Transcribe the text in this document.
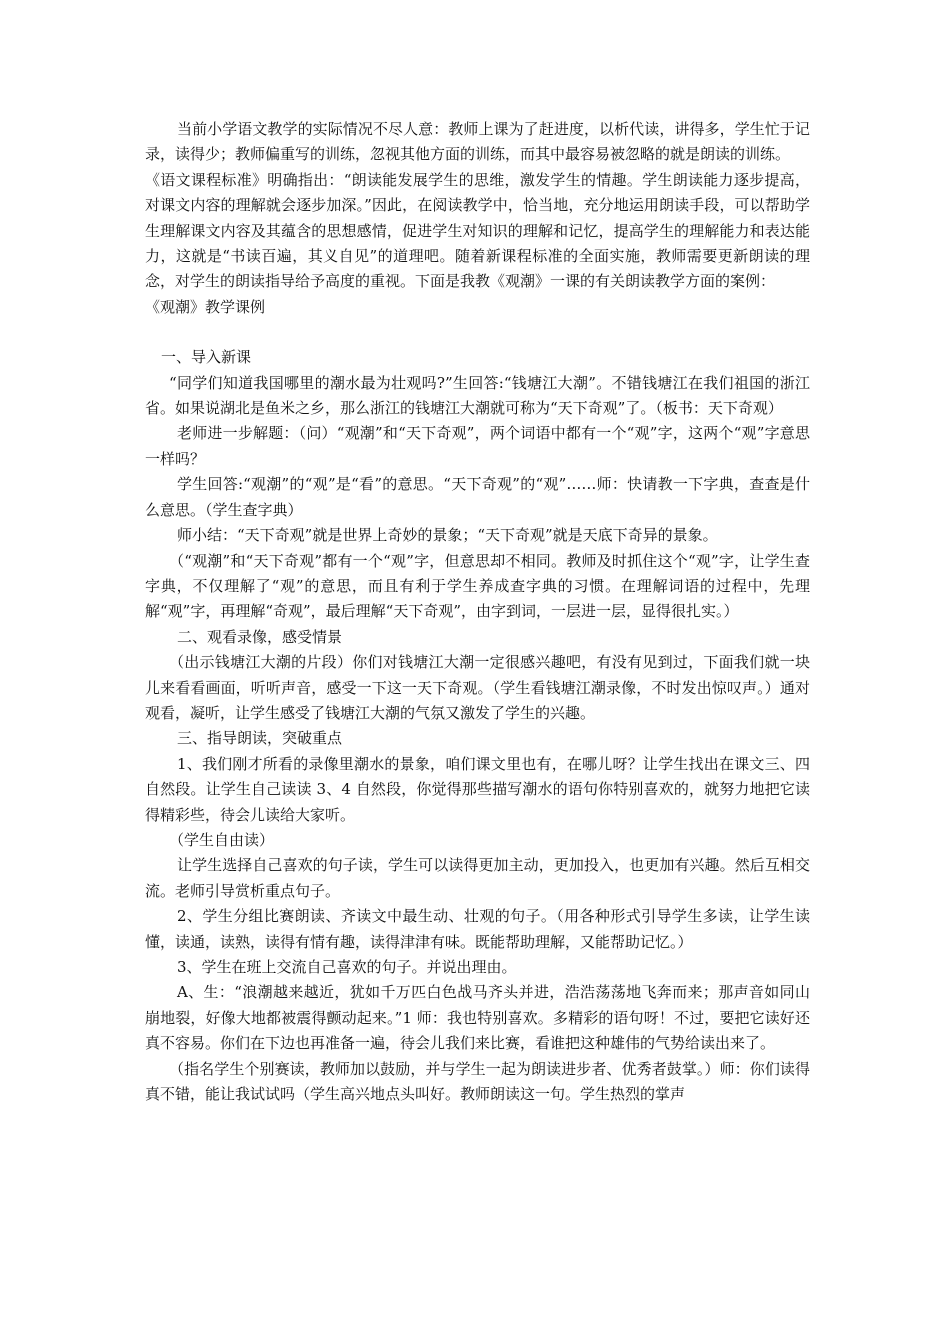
当前小学语文教学的实际情况不尽人意：教师上课为了赶进度，以析代读，讲得多，学生忙于记录，读得少；教师偏重写的训练，忽视其他方面的训练，而其中最容易被忽略的就是朗读的训练。

《语文课程标准》明确指出：“朗读能发展学生的思维，激发学生的情趣。学生朗读能力逐步提高，对课文内容的理解就会逐步加深。”因此，在阅读教学中，恰当地，充分地运用朗读手段，可以帮助学生理解课文内容及其蕴含的思想感情，促进学生对知识的理解和记忆，提高学生的理解能力和表达能力，这就是“书读百遍，其义自见”的道理吧。随着新课程标准的全面实施，教师需要更新朗读的理念，对学生的朗读指导给予高度的重视。下面是我教《观潮》一课的有关朗读教学方面的案例：

《观潮》教学课例

一、导入新课

“同学们知道我国哪里的潮水最为壮观吗?”生回答:“钱塘江大潮”。不错钱塘江在我们祖国的浙江省。如果说湖北是鱼米之乡，那么浙江的钱塘江大潮就可称为“天下奇观”了。（板书：天下奇观）

老师进一步解题：（问）“观潮”和“天下奇观”，两个词语中都有一个“观”字，这两个“观”字意思一样吗？

学生回答:“观潮”的“观”是“看”的意思。“天下奇观”的“观”……师：快请教一下字典，查查是什么意思。（学生查字典）

师小结：“天下奇观”就是世界上奇妙的景象；“天下奇观”就是天底下奇异的景象。

（“观潮”和“天下奇观”都有一个“观”字，但意思却不相同。教师及时抓住这个“观”字，让学生查字典，不仅理解了“观”的意思，而且有利于学生养成查字典的习惯。在理解词语的过程中，先理解“观”字，再理解“奇观”，最后理解“天下奇观”，由字到词，一层进一层，显得很扎实。）

二、观看录像，感受情景

（出示钱塘江大潮的片段）你们对钱塘江大潮一定很感兴趣吧，有没有见到过，下面我们就一块儿来看看画面，听听声音，感受一下这一天下奇观。（学生看钱塘江潮录像，不时发出惊叹声。）通对观看，凝听，让学生感受了钱塘江大潮的气氛又激发了学生的兴趣。

三、指导朗读，突破重点

1、我们刚才所看的录像里潮水的景象，咱们课文里也有，在哪儿呀？让学生找出在课文三、四自然段。让学生自己读读 3、4 自然段，你觉得那些描写潮水的语句你特别喜欢的，就努力地把它读得精彩些，待会儿读给大家听。

（学生自由读）

让学生选择自己喜欢的句子读，学生可以读得更加主动，更加投入，也更加有兴趣。然后互相交流。老师引导赏析重点句子。

2、学生分组比赛朗读、齐读文中最生动、壮观的句子。（用各种形式引导学生多读，让学生读懂，读通，读熟，读得有情有趣，读得津津有味。既能帮助理解，又能帮助记忆。）

3、学生在班上交流自己喜欢的句子。并说出理由。

A、生：“浪潮越来越近，犹如千万匹白色战马齐头并进，浩浩荡荡地飞奔而来；那声音如同山崩地裂，好像大地都被震得颤动起来。”1 师：我也特别喜欢。多精彩的语句呀！不过，要把它读好还真不容易。你们在下边也再准备一遍，待会儿我们来比赛，看谁把这种雄伟的气势给读出来了。

（指名学生个别赛读，教师加以鼓励，并与学生一起为朗读进步者、优秀者鼓掌。）师：你们读得真不错，能让我试试吗（学生高兴地点头叫好。教师朗读这一句。学生热烈的掌声
